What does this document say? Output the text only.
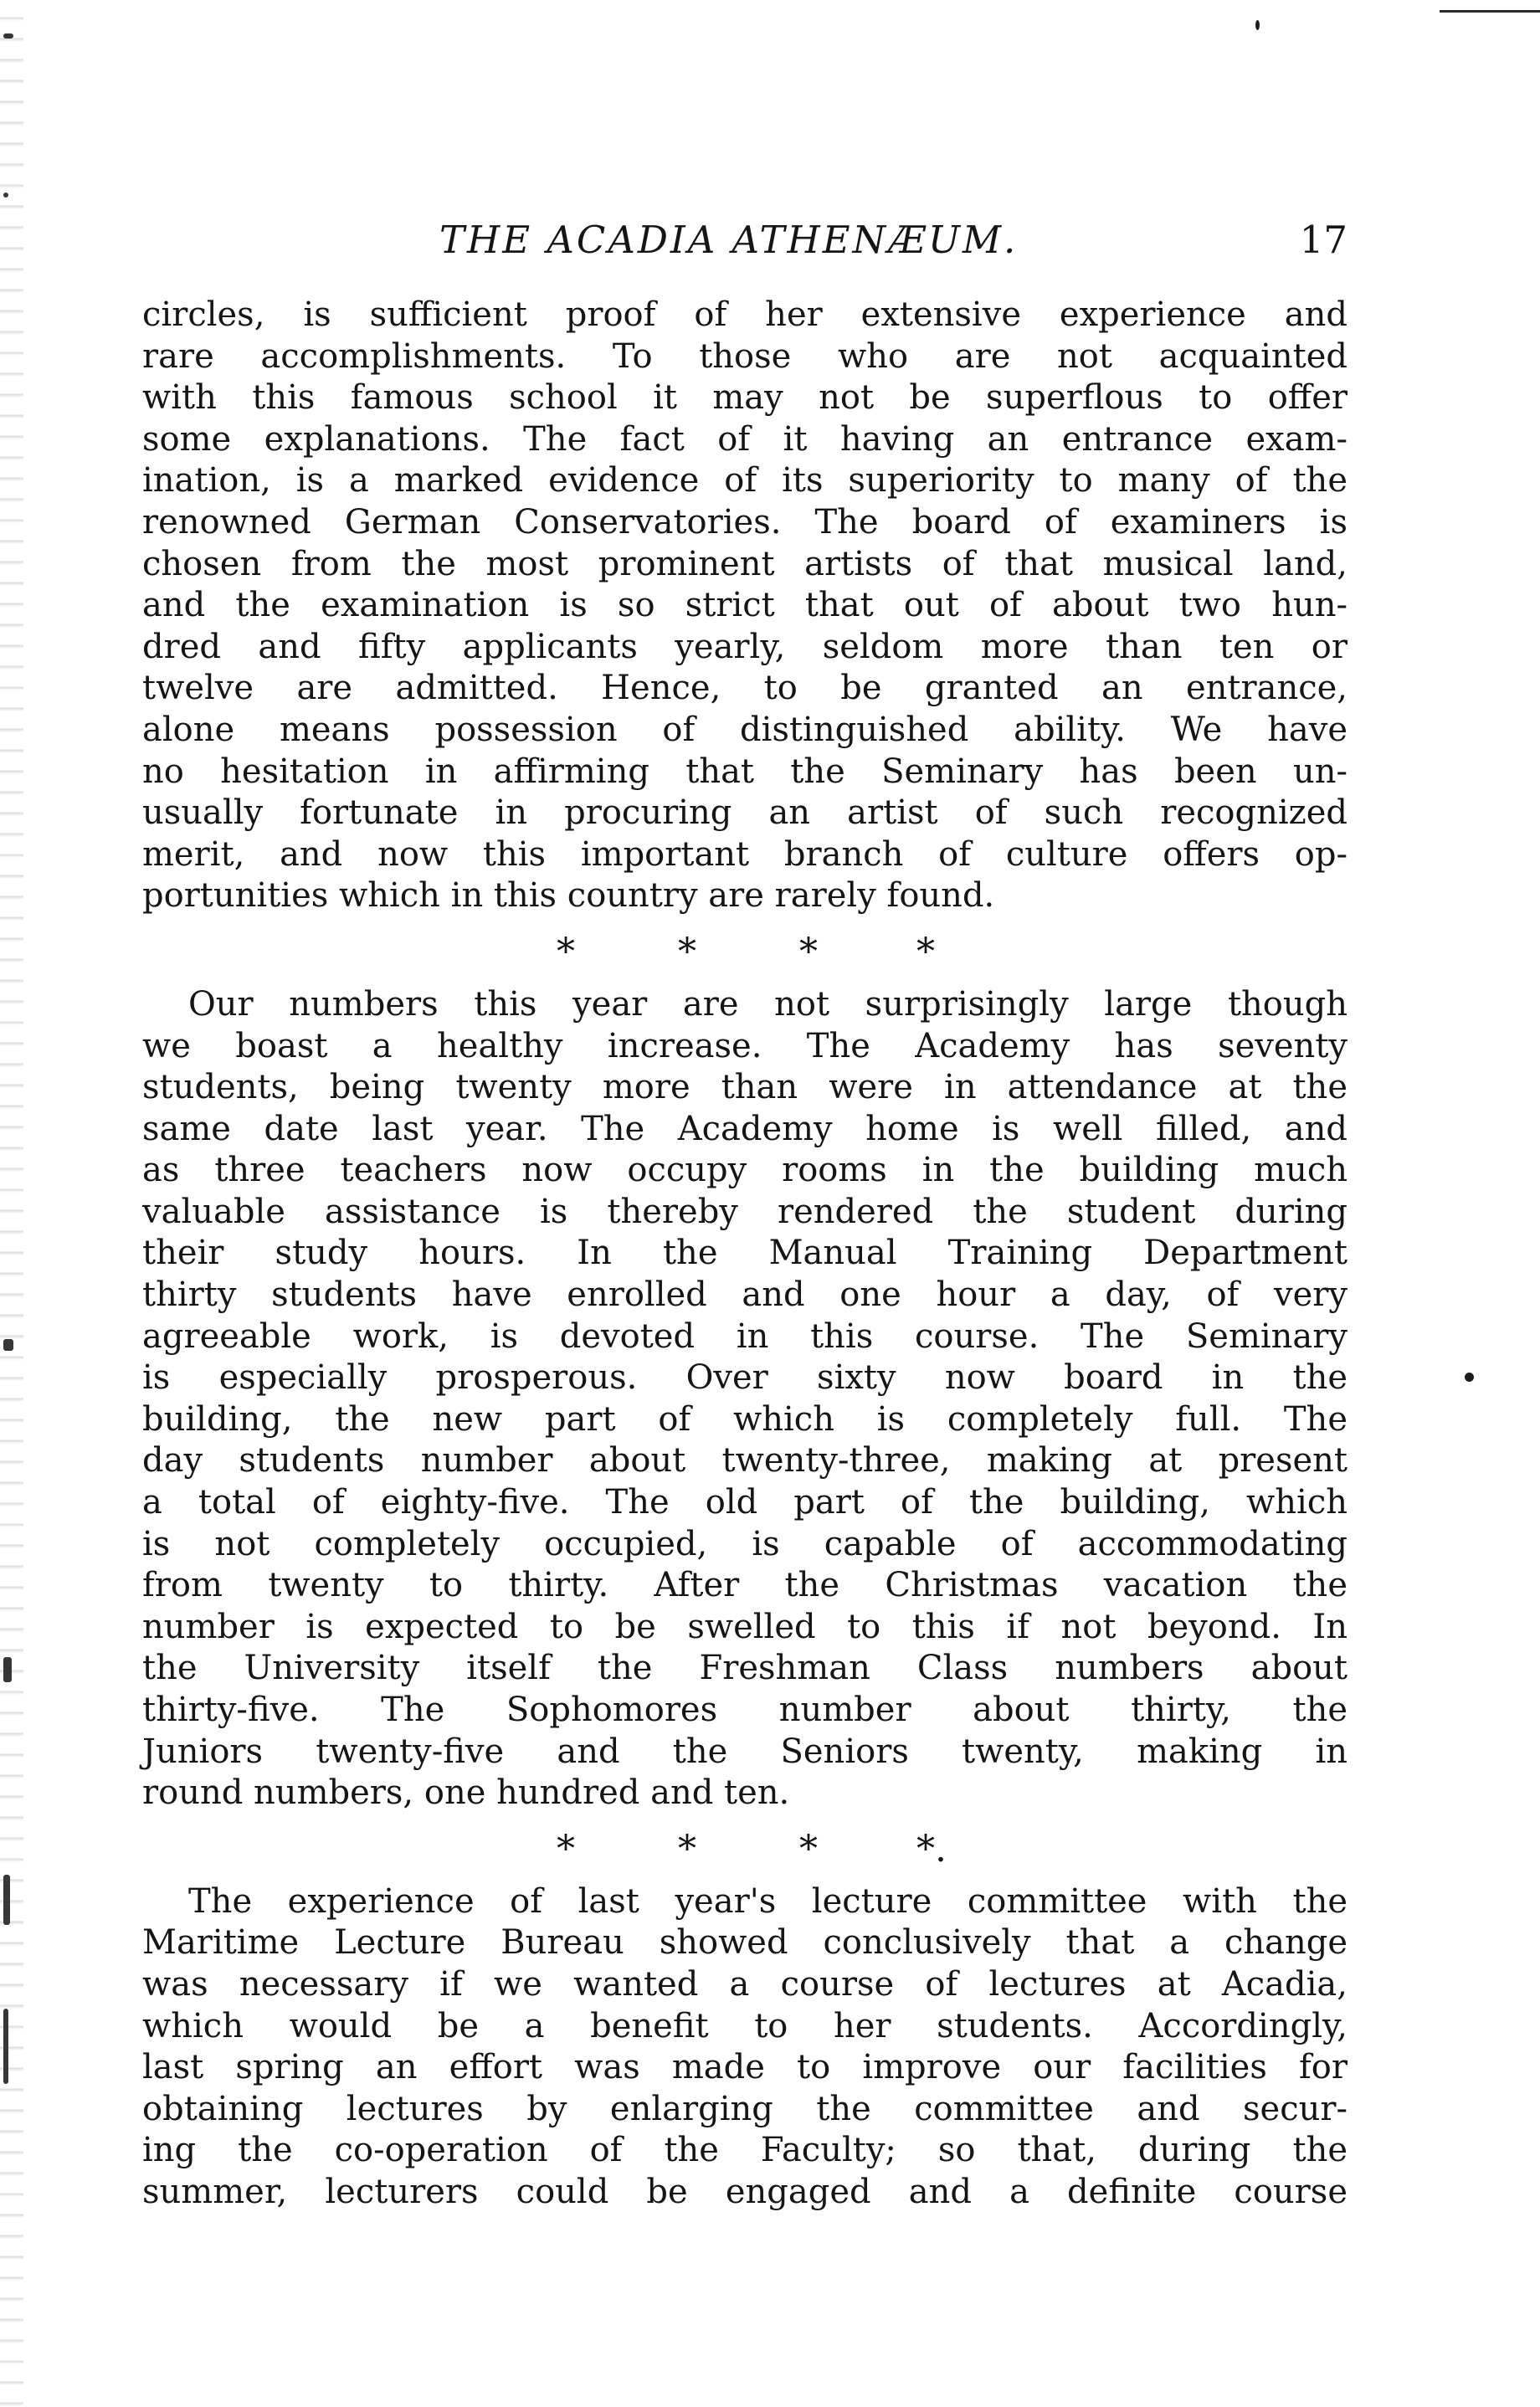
THE ACADIA ATHENÆUM.	17

circles, is sufficient proof of her extensive experience and
rare accomplishments. To those who are not acquainted
with this famous school it may not be superflous to offer
some explanations. The fact of it having an entrance exam-
ination, is a marked evidence of its superiority to many of the
renowned German Conservatories. The board of examiners is
chosen from the most prominent artists of that musical land,
and the examination is so strict that out of about two hun-
dred and fifty applicants yearly, seldom more than ten or
twelve are admitted. Hence, to be granted an entrance,
alone means possession of distinguished ability. We have
no hesitation in affirming that the Seminary has been un-
usually fortunate in procuring an artist of such recognized
merit, and now this important branch of culture offers op-
portunities which in this country are rarely found.

*	*	*	*

Our numbers this year are not surprisingly large though
we boast a healthy increase. The Academy has seventy
students, being twenty more than were in attendance at the
same date last year. The Academy home is well filled, and
as three teachers now occupy rooms in the building much
valuable assistance is thereby rendered the student during
their study hours. In the Manual Training Department
thirty students have enrolled and one hour a day, of very
agreeable work, is devoted in this course. The Seminary
is especially prosperous. Over sixty now board in the
building, the new part of which is completely full. The
day students number about twenty-three, making at present
a total of eighty-five. The old part of the building, which
is not completely occupied, is capable of accommodating
from twenty to thirty. After the Christmas vacation the
number is expected to be swelled to this if not beyond. In
the University itself the Freshman Class numbers about
thirty-five. The Sophomores number about thirty, the
Juniors twenty-five and the Seniors twenty, making in
round numbers, one hundred and ten.

*	*	*	*.

The experience of last year's lecture committee with the
Maritime Lecture Bureau showed conclusively that a change
was necessary if we wanted a course of lectures at Acadia,
which would be a benefit to her students. Accordingly,
last spring an effort was made to improve our facilities for
obtaining lectures by enlarging the committee and secur-
ing the co-operation of the Faculty; so that, during the
summer, lecturers could be engaged and a definite course
